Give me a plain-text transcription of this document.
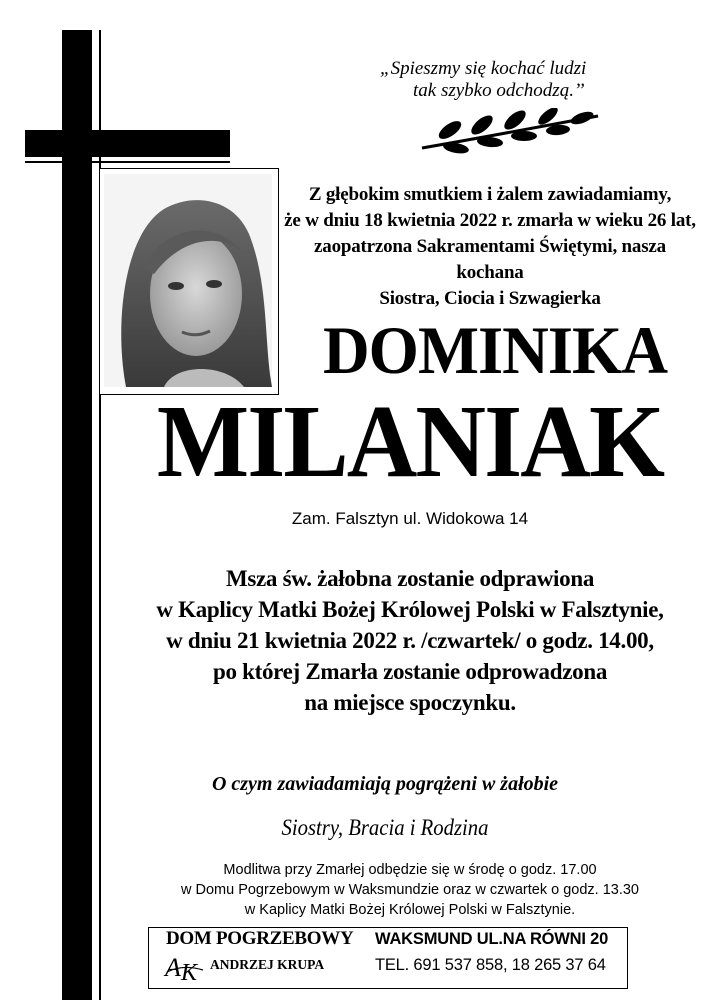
„Spieszmy się kochać ludzi
tak szybko odchodzą.’’
Z głębokim smutkiem i żalem zawiadamiamy,
że w dniu 18 kwietnia 2022 r. zmarła w wieku 26 lat,
zaopatrzona Sakramentami Świętymi, nasza kochana
Siostra, Ciocia i Szwagierka
DOMINIKA
MILANIAK
Zam. Falsztyn ul. Widokowa 14
Msza św. żałobna zostanie odprawiona
w Kaplicy Matki Bożej Królowej Polski w Falsztynie,
w dniu 21 kwietnia 2022 r. /czwartek/ o godz. 14.00,
po której Zmarła zostanie odprowadzona
na miejsce spoczynku.
O czym zawiadamiają pogrążeni w żałobie
Siostry, Bracia i Rodzina
Modlitwa przy Zmarłej odbędzie się w środę o godz. 17.00
w Domu Pogrzebowym w Waksmundzie oraz w czwartek o godz. 13.30
w Kaplicy Matki Bożej Królowej Polski w Falsztynie.
DOM POGRZEBOWY
A K ANDRZEJ KRUPA
WAKSMUND UL.NA RÓWNI 20
TEL. 691 537 858, 18 265 37 64
